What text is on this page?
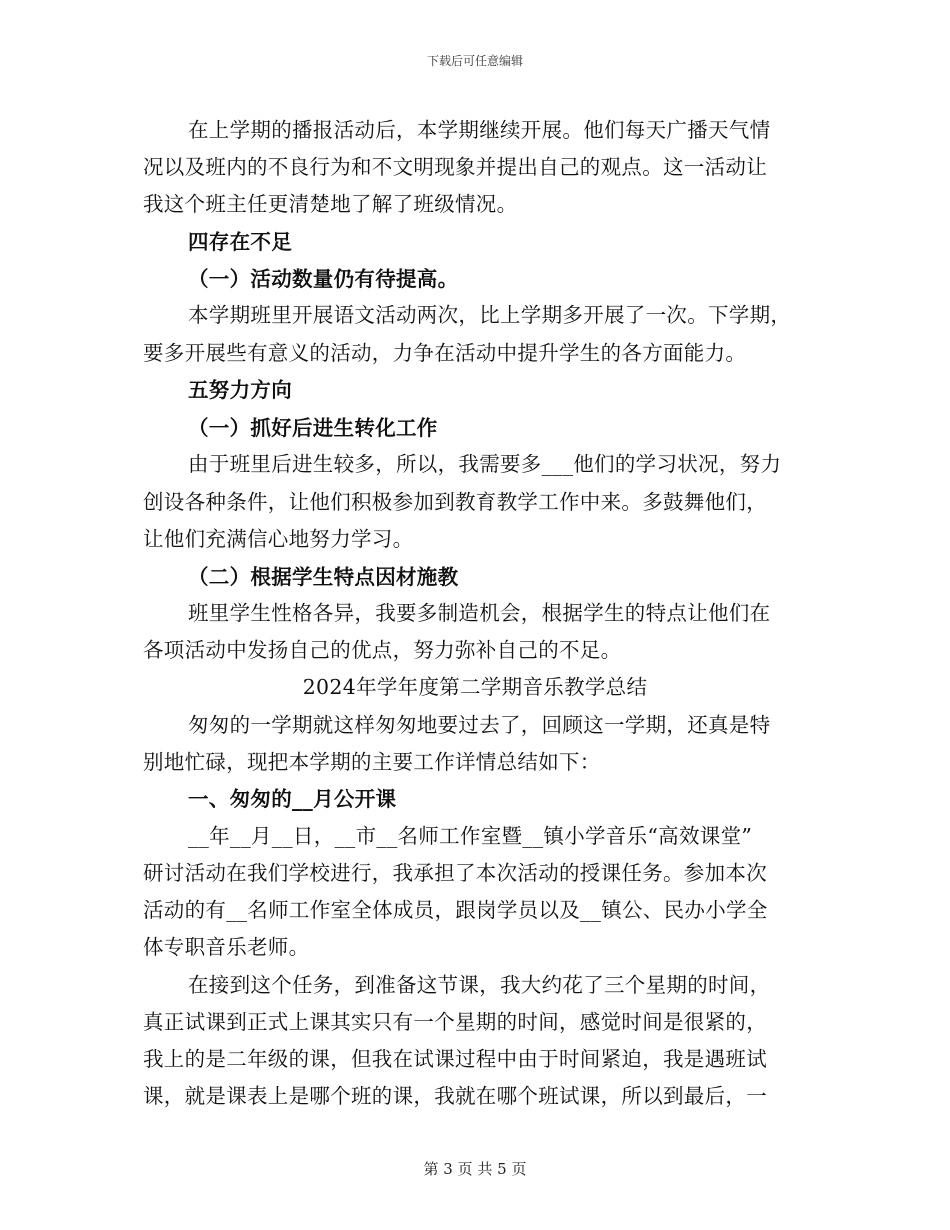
下载后可任意编辑
在上学期的播报活动后，本学期继续开展。他们每天广播天气情
况以及班内的不良行为和不文明现象并提出自己的观点。这一活动让
我这个班主任更清楚地了解了班级情况。
四存在不足
（一）活动数量仍有待提高。
本学期班里开展语文活动两次，比上学期多开展了一次。下学期，
要多开展些有意义的活动，力争在活动中提升学生的各方面能力。
五努力方向
（一）抓好后进生转化工作
由于班里后进生较多，所以，我需要多___他们的学习状况，努力
创设各种条件，让他们积极参加到教育教学工作中来。多鼓舞他们，
让他们充满信心地努力学习。
（二）根据学生特点因材施教
班里学生性格各异，我要多制造机会，根据学生的特点让他们在
各项活动中发扬自己的优点，努力弥补自己的不足。
2024年学年度第二学期音乐教学总结
匆匆的一学期就这样匆匆地要过去了，回顾这一学期，还真是特
别地忙碌，现把本学期的主要工作详情总结如下：
一、匆匆的__月公开课
__年__月__日，__市__名师工作室暨__镇小学音乐“高效课堂”
研讨活动在我们学校进行，我承担了本次活动的授课任务。参加本次
活动的有__名师工作室全体成员，跟岗学员以及__镇公、民办小学全
体专职音乐老师。
在接到这个任务，到准备这节课，我大约花了三个星期的时间，
真正试课到正式上课其实只有一个星期的时间，感觉时间是很紧的，
我上的是二年级的课，但我在试课过程中由于时间紧迫，我是遇班试
课，就是课表上是哪个班的课，我就在哪个班试课，所以到最后，一
第 3 页 共 5 页
